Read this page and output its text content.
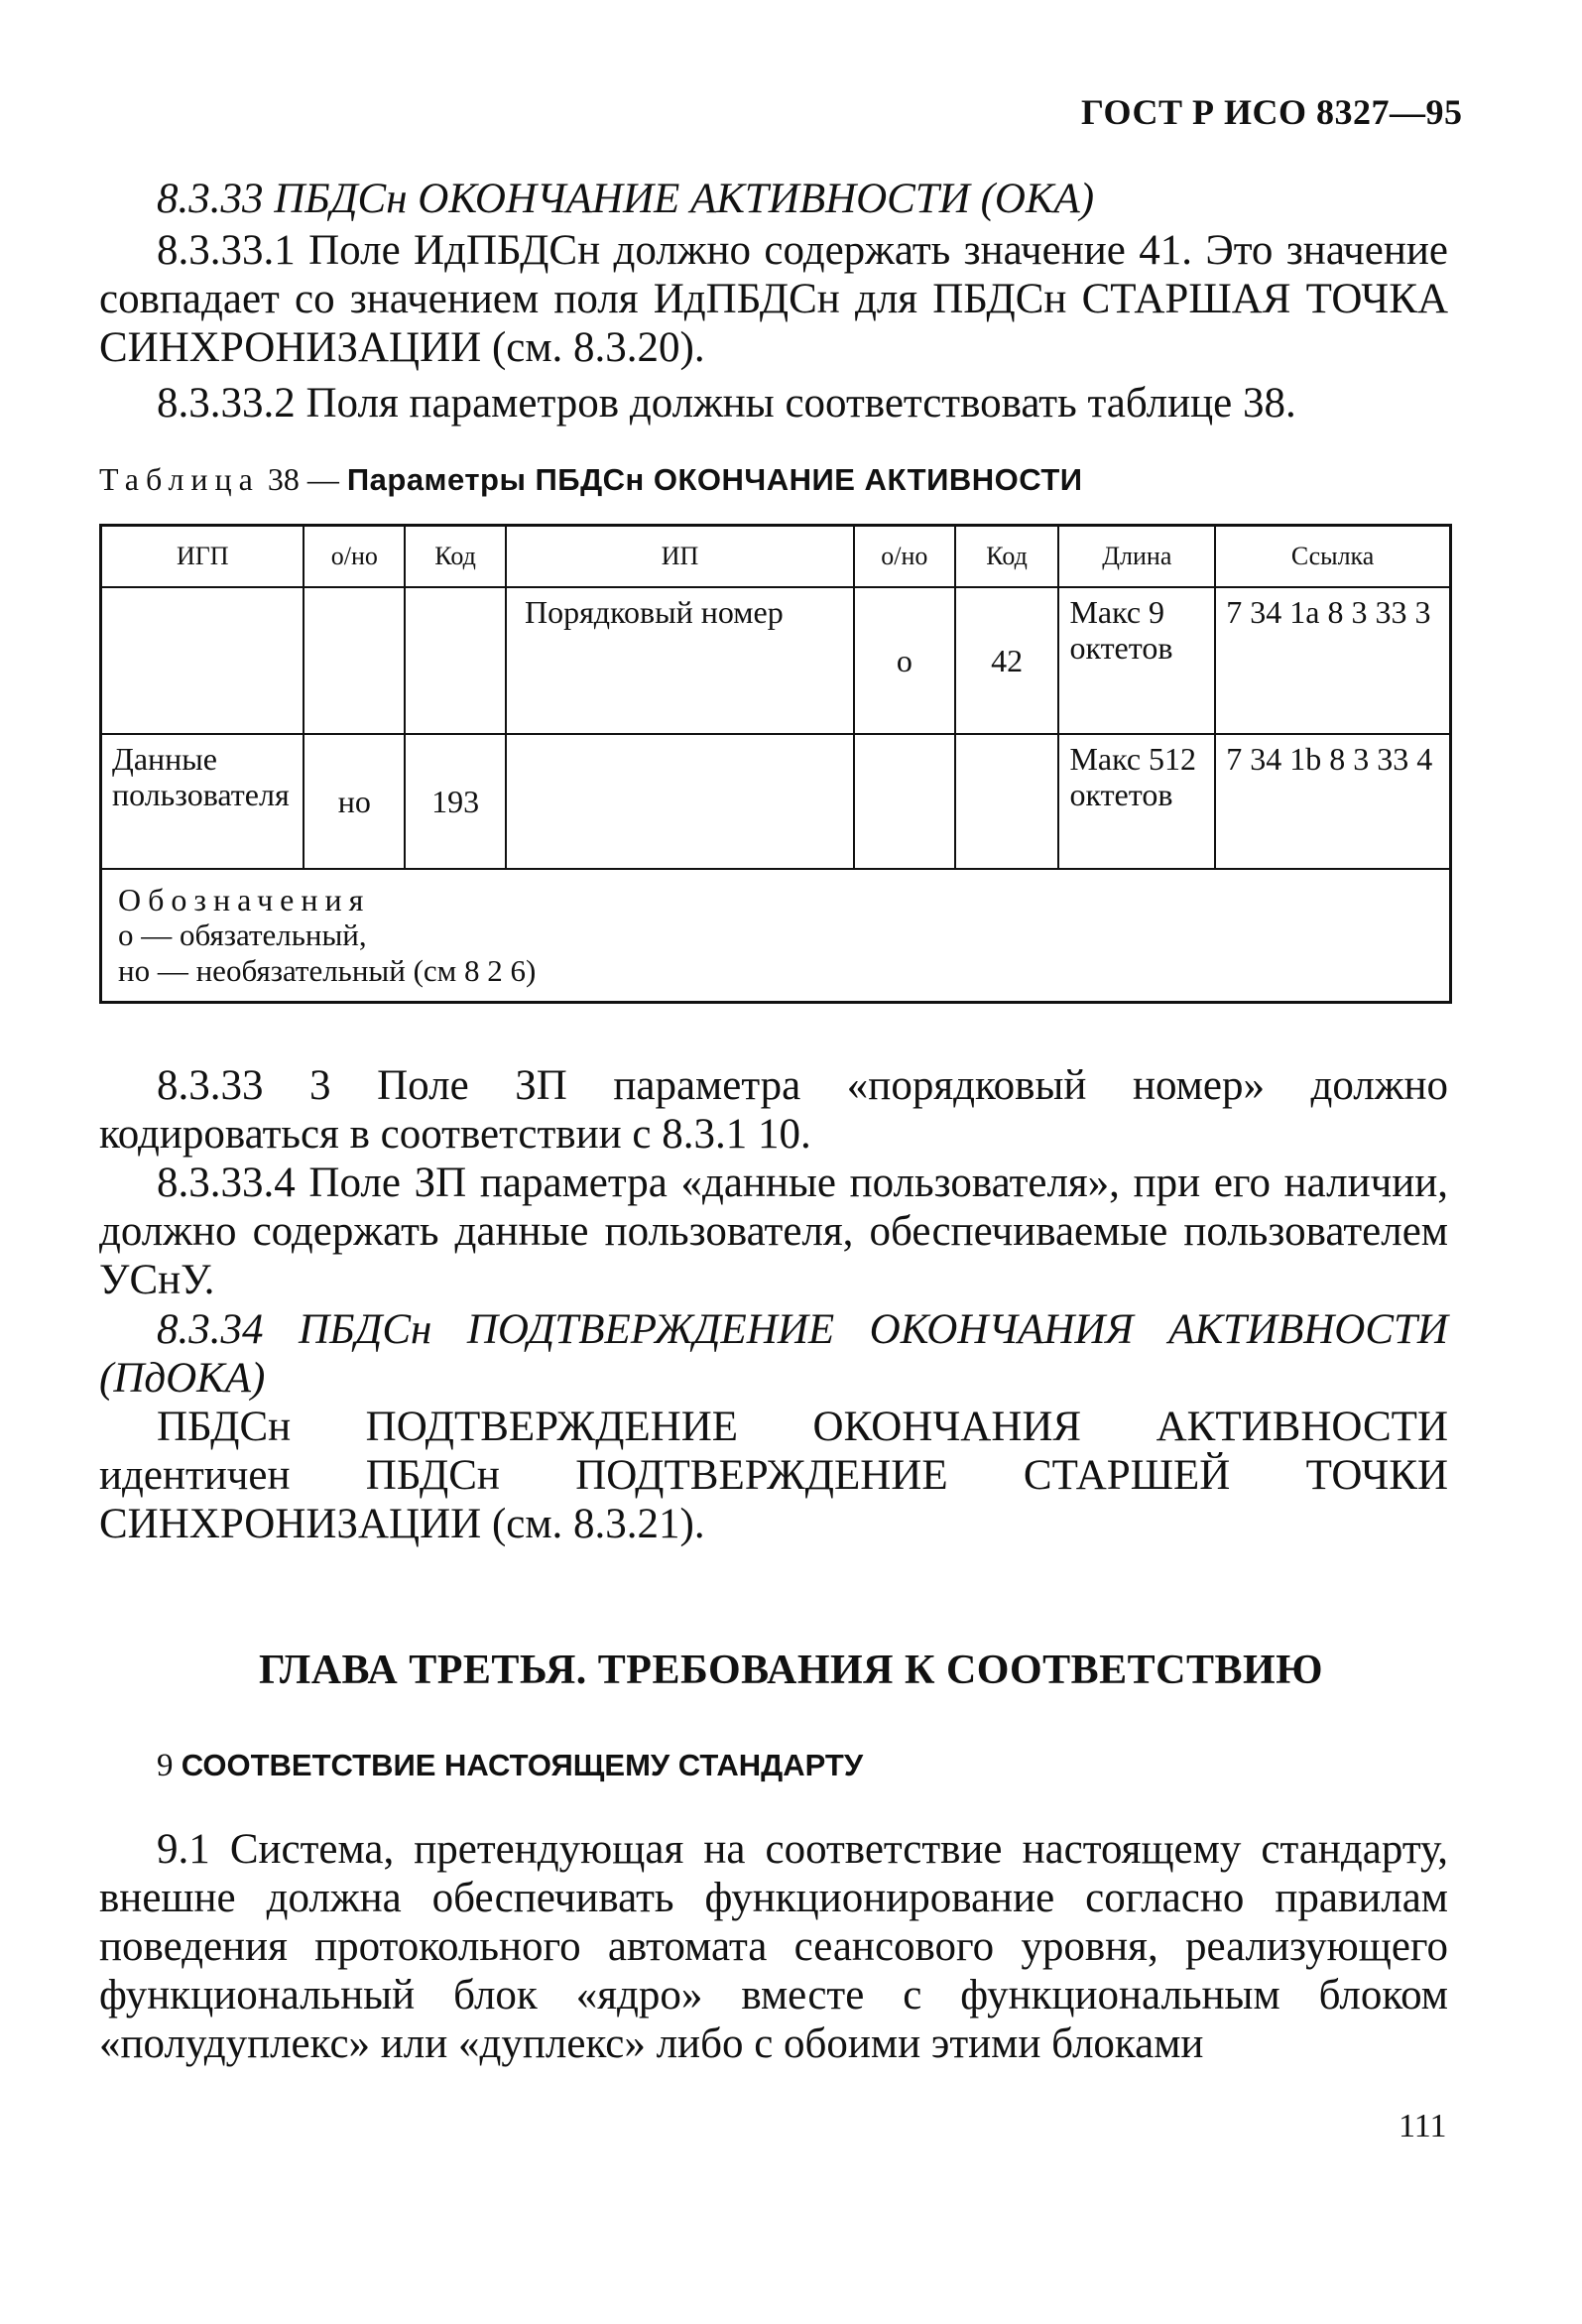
ГОСТ Р ИСО 8327—95
8.3.33 ПБДСн ОКОНЧАНИЕ АКТИВНОСТИ (ОКА)
8.3.33.1 Поле ИдПБДСн должно содержать значение 41. Это значение совпадает со значением поля ИдПБДСн для ПБДСн СТАРШАЯ ТОЧКА СИНХРОНИЗАЦИИ (см. 8.3.20).
8.3.33.2 Поля параметров должны соответствовать таблице 38.
Таблица 38 — Параметры ПБДСн ОКОНЧАНИЕ АКТИВНОСТИ
ИГП	о/но	Код	ИП	о/но	Код	Длина	Ссылка
			Порядковый номер	о	42	Макс 9 октетов	7 34 1а 8 3 33 3
Данные пользователя	но	193				Макс 512 октетов	7 34 1b 8 3 33 4

Обозначения
о — обязательный,
но — необязательный (см 8 2 6)							
8.3.33 3 Поле ЗП параметра «порядковый номер» должно кодироваться в соответствии с 8.3.1 10.
8.3.33.4 Поле ЗП параметра «данные пользователя», при его наличии, должно содержать данные пользователя, обеспечиваемые пользователем УСнУ.
8.3.34 ПБДСн ПОДТВЕРЖДЕНИЕ ОКОНЧАНИЯ АКТИВНОСТИ (ПдОКА)
ПБДСн ПОДТВЕРЖДЕНИЕ ОКОНЧАНИЯ АКТИВНОСТИ идентичен ПБДСн ПОДТВЕРЖДЕНИЕ СТАРШЕЙ ТОЧКИ СИНХРОНИЗАЦИИ (см. 8.3.21).
ГЛАВА ТРЕТЬЯ. ТРЕБОВАНИЯ К СООТВЕТСТВИЮ
9 СООТВЕТСТВИЕ НАСТОЯЩЕМУ СТАНДАРТУ
9.1 Система, претендующая на соответствие настоящему стандарту, внешне должна обеспечивать функционирование согласно правилам поведения протокольного автомата сеансового уровня, реализующего функциональный блок «ядро» вместе с функциональным блоком «полудуплекс» или «дуплекс» либо с обоими этими блоками
111
